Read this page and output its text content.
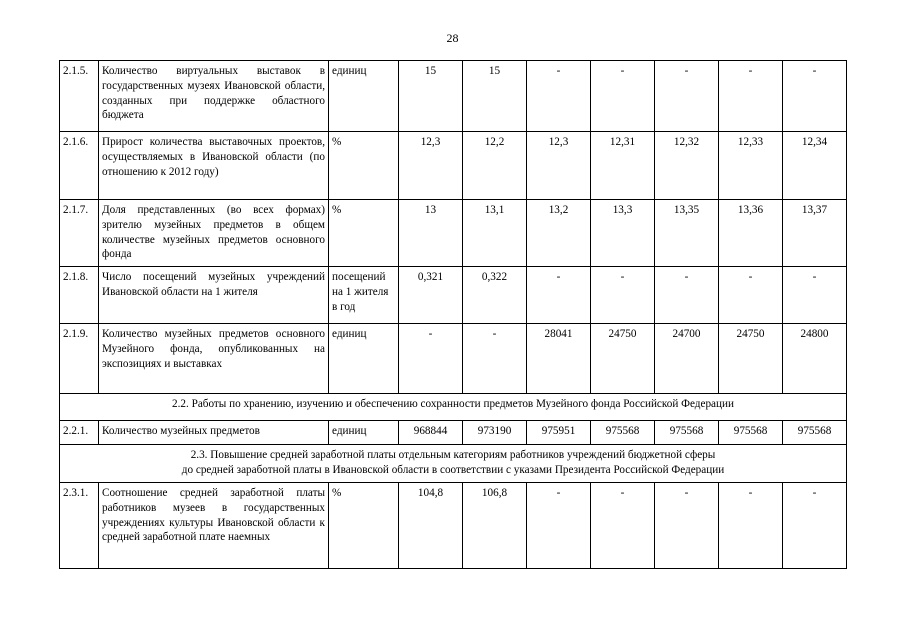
28
2.1.5.	Количество виртуальных выставок в государственных музеях Ивановской области, созданных при поддержке областного бюджета	единиц	15	15	-	-	-	-	-
2.1.6.	Прирост количества выставочных проектов, осуществляемых в Ивановской области (по отношению к 2012 году)	%	12,3	12,2	12,3	12,31	12,32	12,33	12,34
2.1.7.	Доля представленных (во всех формах) зрителю музейных предметов в общем количестве музейных предметов основного фонда	%	13	13,1	13,2	13,3	13,35	13,36	13,37
2.1.8.	Число посещений музейных учреждений Ивановской области на 1 жителя	посещений на 1 жителя в год	0,321	0,322	-	-	-	-	-
2.1.9.	Количество музейных предметов основного Музейного фонда, опубликованных на экспозициях и выставках	единиц	-	-	28041	24750	24700	24750	24800

2.2. Работы по хранению, изучению и обеспечению сохранности предметов Музейного фонда Российской Федерации									

2.2.1.	Количество музейных предметов	единиц	968844	973190	975951	975568	975568	975568	975568

2.3. Повышение средней заработной платы отдельным категориям работников учреждений бюджетной сферы
до средней заработной платы в Ивановской области в соответствии с указами Президента Российской Федерации									

2.3.1.	Соотношение средней заработной платы работников музеев в государственных учреждениях культуры Ивановской области к средней заработной плате наемных	%	104,8	106,8	-	-	-	-	-
